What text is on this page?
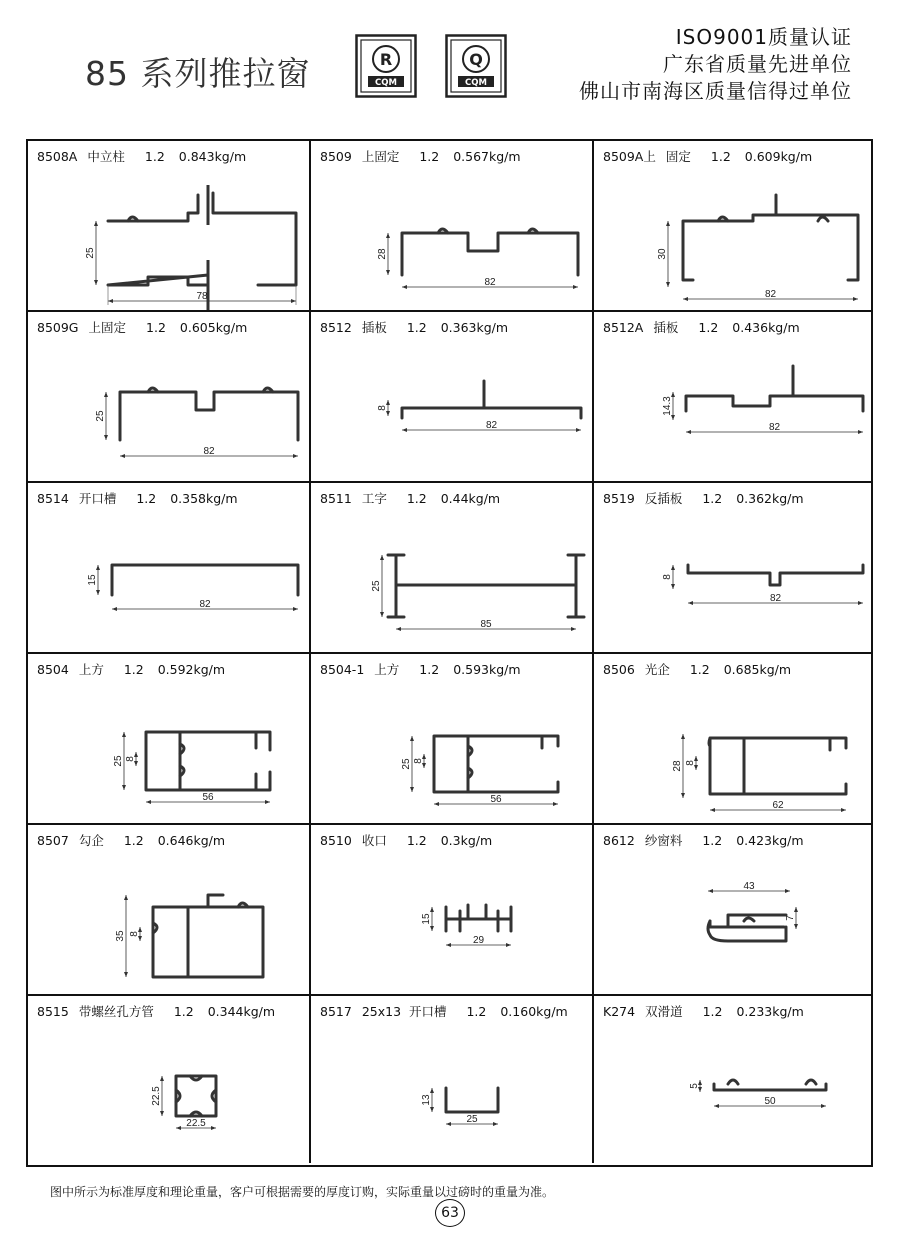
85 系列推拉窗	R
CQM
Q
CQM
ISO9001质量认证
广东省质量先进单位
佛山市南海区质量信得过单位
8508A 中立柱 1.2 0.843kg/m
25
78
8509 上固定 1.2 0.567kg/m
28
82
8509A上 固定 1.2 0.609kg/m
30
82
8509G 上固定 1.2 0.605kg/m
25
82
8512 插板 1.2 0.363kg/m
8
82
8512A 插板 1.2 0.436kg/m
14.3
82
8514 开口槽 1.2 0.358kg/m
15
82
8511 工字 1.2 0.44kg/m
25
85
8519 反插板 1.2 0.362kg/m
8
82
8504 上方 1.2 0.592kg/m
25 8
56
8504-1 上方 1.2 0.593kg/m
25 8
56
8506 光企 1.2 0.685kg/m
28 8
62
8507 勾企 1.2 0.646kg/m
35 8
8510 收口 1.2 0.3kg/m
15
29
8612 纱窗料 1.2 0.423kg/m
43
7
8515 带螺丝孔方管 1.2 0.344kg/m
22.5
22.5
8517 25x13  开口槽 1.2 0.160kg/m
13
25
K274 双滑道 1.2 0.233kg/m
5
50
图中所示为标准厚度和理论重量，客户可根据需要的厚度订购，实际重量以过磅时的重量为准。
63
